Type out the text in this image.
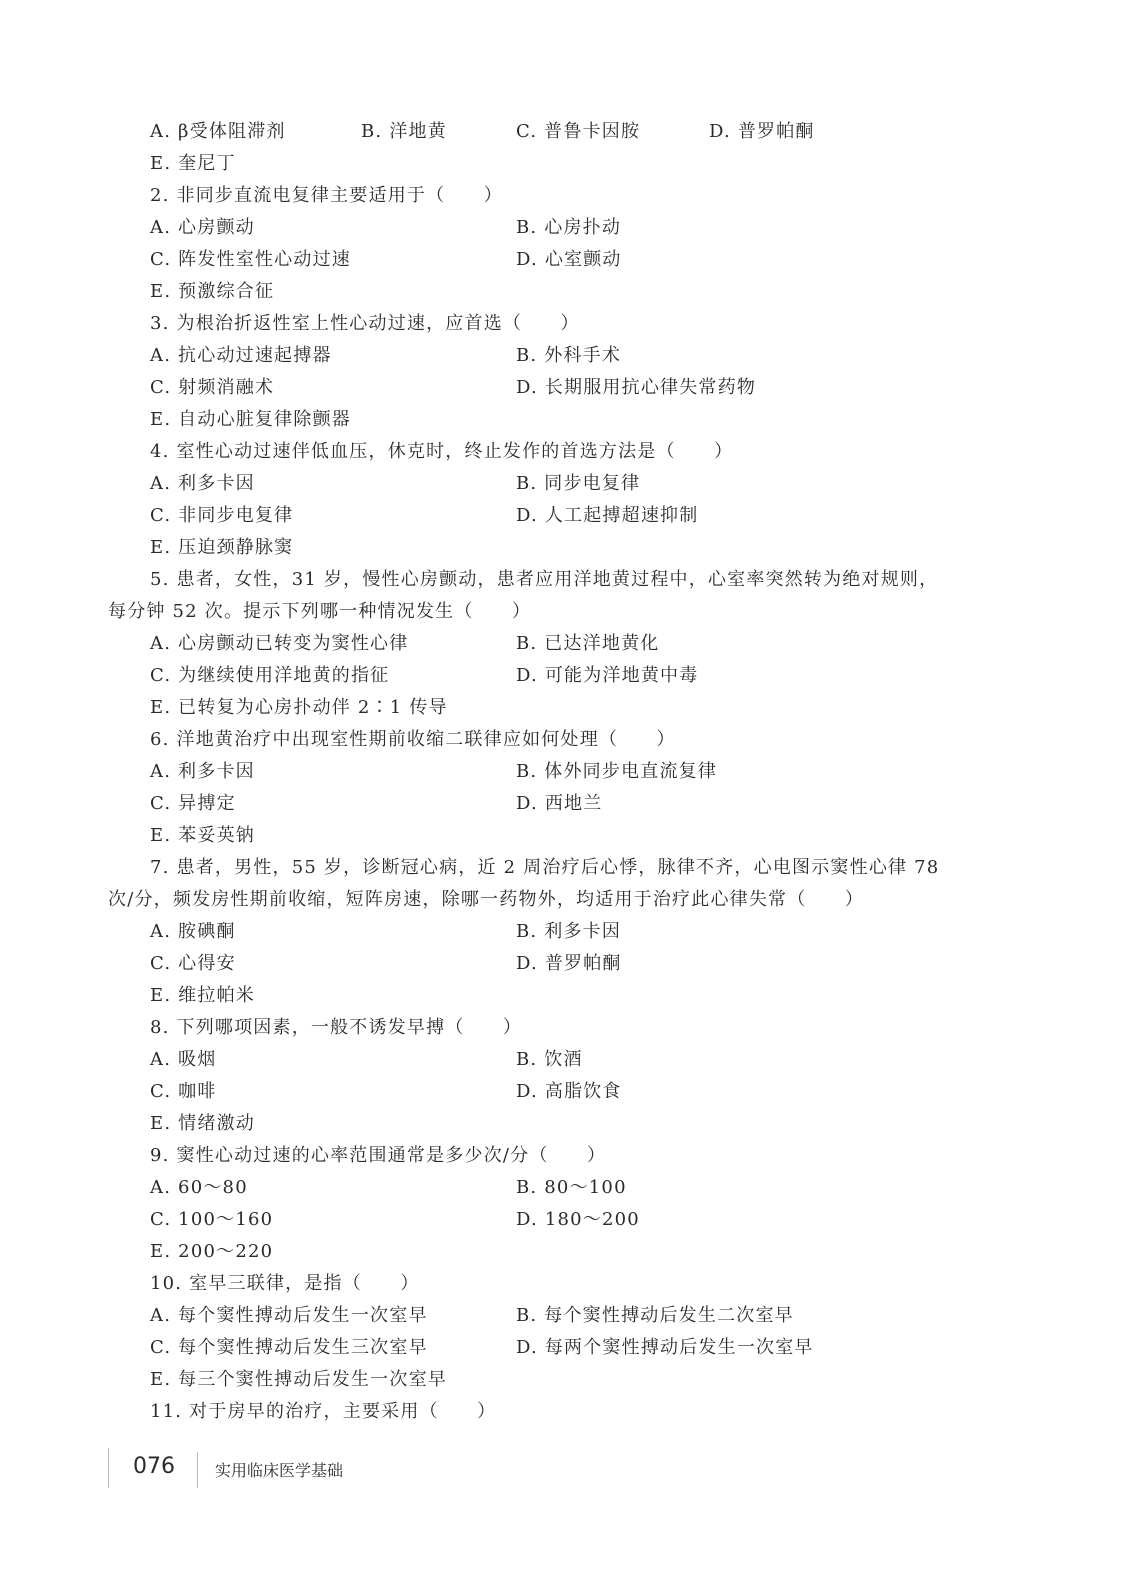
A. β受体阻滞剂	B. 洋地黄	C. 普鲁卡因胺	D. 普罗帕酮
E. 奎尼丁
2. 非同步直流电复律主要适用于（　　）
A. 心房颤动	B. 心房扑动
C. 阵发性室性心动过速	D. 心室颤动
E. 预激综合征
3. 为根治折返性室上性心动过速，应首选（　　）
A. 抗心动过速起搏器	B. 外科手术
C. 射频消融术	D. 长期服用抗心律失常药物
E. 自动心脏复律除颤器
4. 室性心动过速伴低血压，休克时，终止发作的首选方法是（　　）
A. 利多卡因	B. 同步电复律
C. 非同步电复律	D. 人工起搏超速抑制
E. 压迫颈静脉窦
5. 患者，女性，31 岁，慢性心房颤动，患者应用洋地黄过程中，心室率突然转为绝对规则，
每分钟 52 次。提示下列哪一种情况发生（　　）
A. 心房颤动已转变为窦性心律	B. 已达洋地黄化
C. 为继续使用洋地黄的指征	D. 可能为洋地黄中毒
E. 已转复为心房扑动伴 2∶1 传导
6. 洋地黄治疗中出现室性期前收缩二联律应如何处理（　　）
A. 利多卡因	B. 体外同步电直流复律
C. 异搏定	D. 西地兰
E. 苯妥英钠
7. 患者，男性，55 岁，诊断冠心病，近 2 周治疗后心悸，脉律不齐，心电图示窦性心律 78
次/分，频发房性期前收缩，短阵房速，除哪一药物外，均适用于治疗此心律失常（　　）
A. 胺碘酮	B. 利多卡因
C. 心得安	D. 普罗帕酮
E. 维拉帕米
8. 下列哪项因素，一般不诱发早搏（　　）
A. 吸烟	B. 饮酒
C. 咖啡	D. 高脂饮食
E. 情绪激动
9. 窦性心动过速的心率范围通常是多少次/分（　　）
A. 60～80	B. 80～100
C. 100～160	D. 180～200
E. 200～220
10. 室早三联律，是指（　　）
A. 每个窦性搏动后发生一次室早	B. 每个窦性搏动后发生二次室早
C. 每个窦性搏动后发生三次室早	D. 每两个窦性搏动后发生一次室早
E. 每三个窦性搏动后发生一次室早
11. 对于房早的治疗，主要采用（　　）
076	实用临床医学基础
